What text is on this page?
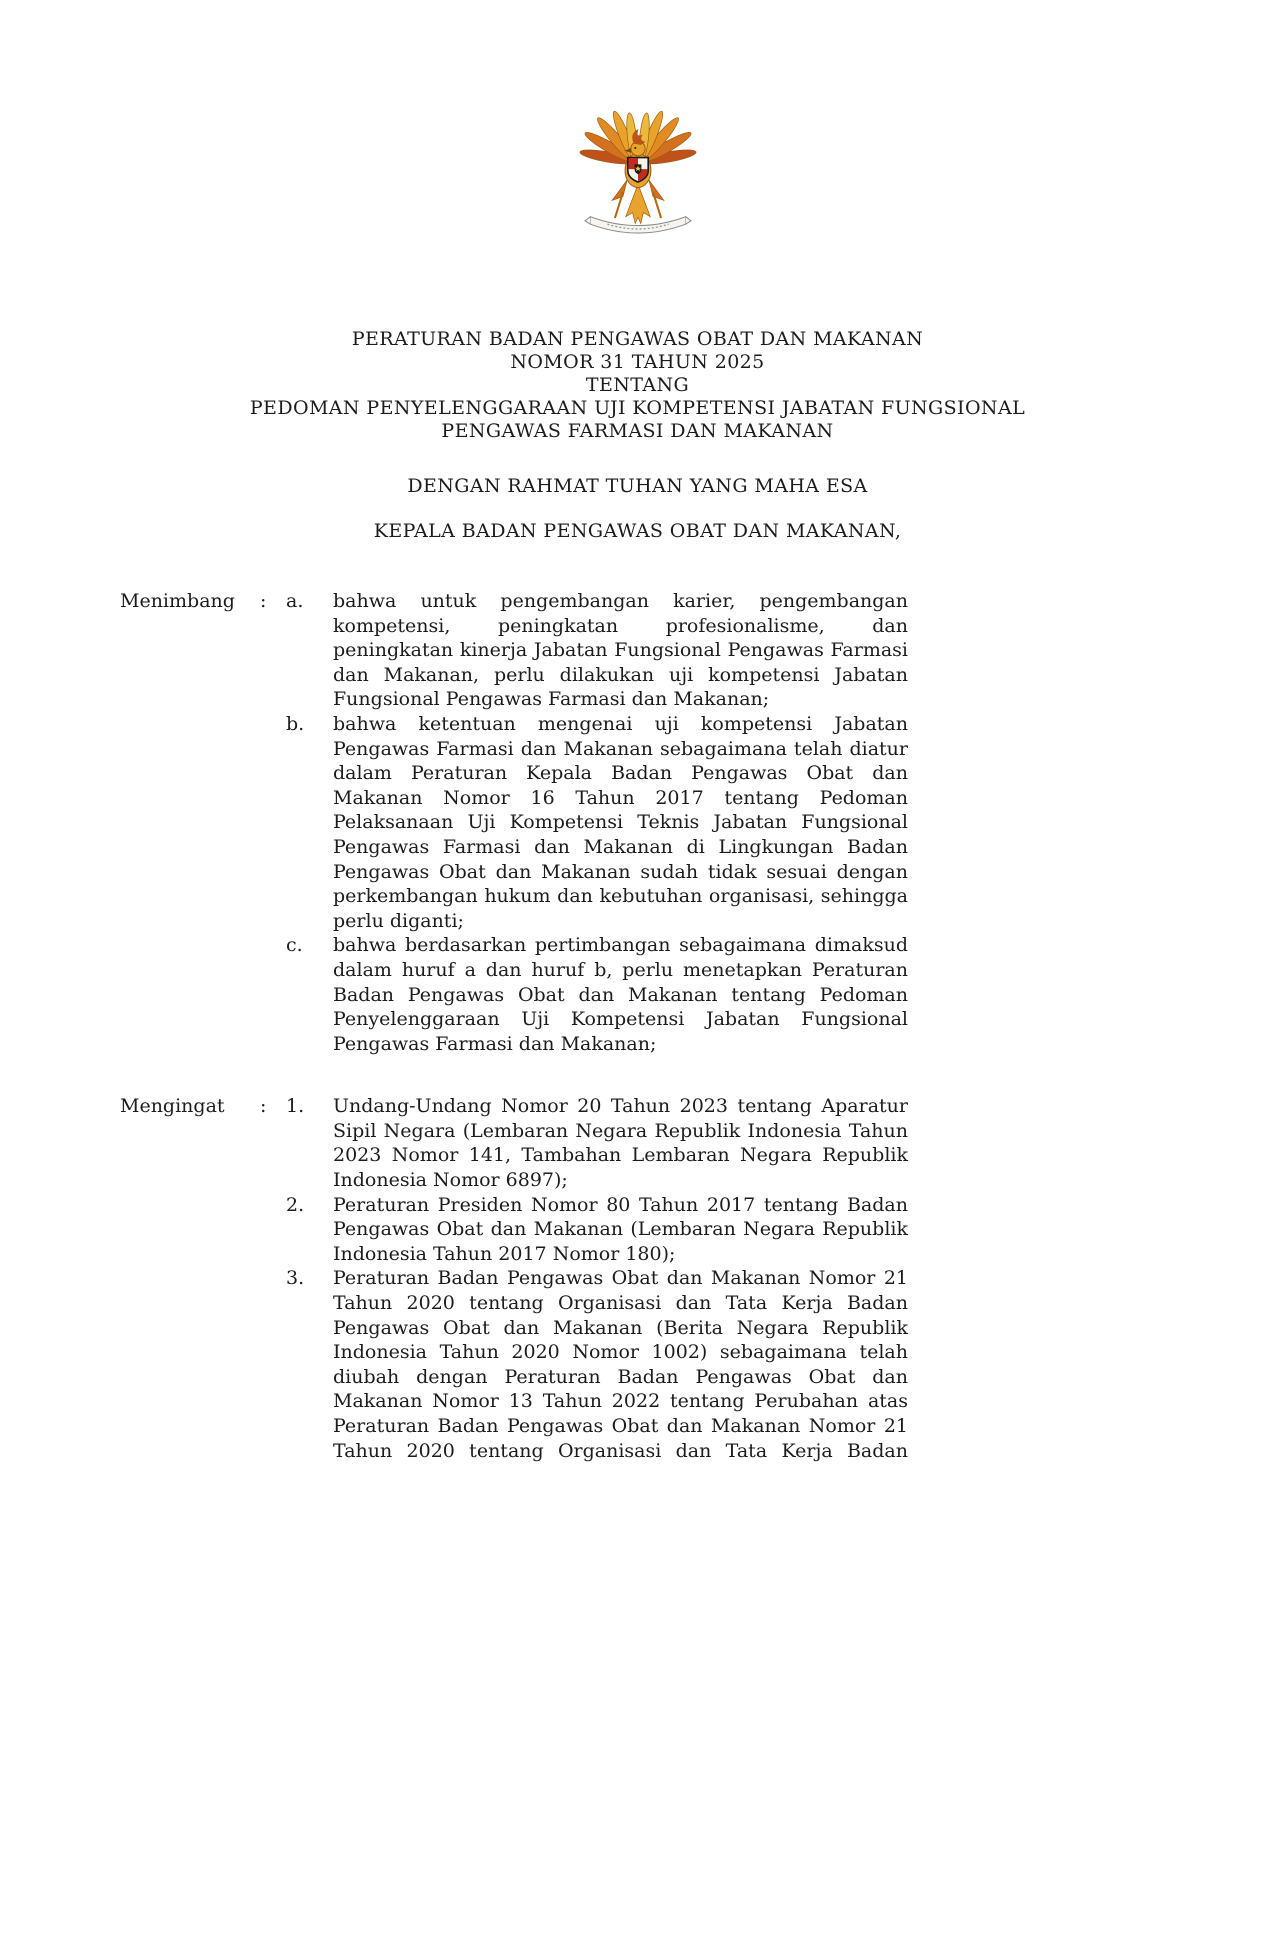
PERATURAN BADAN PENGAWAS OBAT DAN MAKANAN
NOMOR 31 TAHUN 2025
TENTANG
PEDOMAN PENYELENGGARAAN UJI KOMPETENSI JABATAN FUNGSIONAL
PENGAWAS FARMASI DAN MAKANAN
DENGAN RAHMAT TUHAN YANG MAHA ESA
KEPALA BADAN PENGAWAS OBAT DAN MAKANAN,
Menimbang	:	a.	bahwa untuk pengembangan karier, pengembangan kompetensi, peningkatan profesionalisme, dan peningkatan kinerja Jabatan Fungsional Pengawas Farmasi dan Makanan, perlu dilakukan uji kompetensi Jabatan Fungsional Pengawas Farmasi dan Makanan;
b.	bahwa ketentuan mengenai uji kompetensi Jabatan Pengawas Farmasi dan Makanan sebagaimana telah diatur dalam Peraturan Kepala Badan Pengawas Obat dan Makanan Nomor 16 Tahun 2017 tentang Pedoman Pelaksanaan Uji Kompetensi Teknis Jabatan Fungsional Pengawas Farmasi dan Makanan di Lingkungan Badan Pengawas Obat dan Makanan sudah tidak sesuai dengan perkembangan hukum dan kebutuhan organisasi, sehingga perlu diganti;
c.	bahwa berdasarkan pertimbangan sebagaimana dimaksud dalam huruf a dan huruf b, perlu menetapkan Peraturan Badan Pengawas Obat dan Makanan tentang Pedoman Penyelenggaraan Uji Kompetensi Jabatan Fungsional Pengawas Farmasi dan Makanan;
Mengingat	:	1.	Undang-Undang Nomor 20 Tahun 2023 tentang Aparatur Sipil Negara (Lembaran Negara Republik Indonesia Tahun 2023 Nomor 141, Tambahan Lembaran Negara Republik Indonesia Nomor 6897);
2.	Peraturan Presiden Nomor 80 Tahun 2017 tentang Badan Pengawas Obat dan Makanan (Lembaran Negara Republik Indonesia Tahun 2017 Nomor 180);
3.	Peraturan Badan Pengawas Obat dan Makanan Nomor 21 Tahun 2020 tentang Organisasi dan Tata Kerja Badan Pengawas Obat dan Makanan (Berita Negara Republik Indonesia Tahun 2020 Nomor 1002) sebagaimana telah diubah dengan Peraturan Badan Pengawas Obat dan Makanan Nomor 13 Tahun 2022 tentang Perubahan atas Peraturan Badan Pengawas Obat dan Makanan Nomor 21 Tahun 2020 tentang Organisasi dan Tata Kerja Badan
